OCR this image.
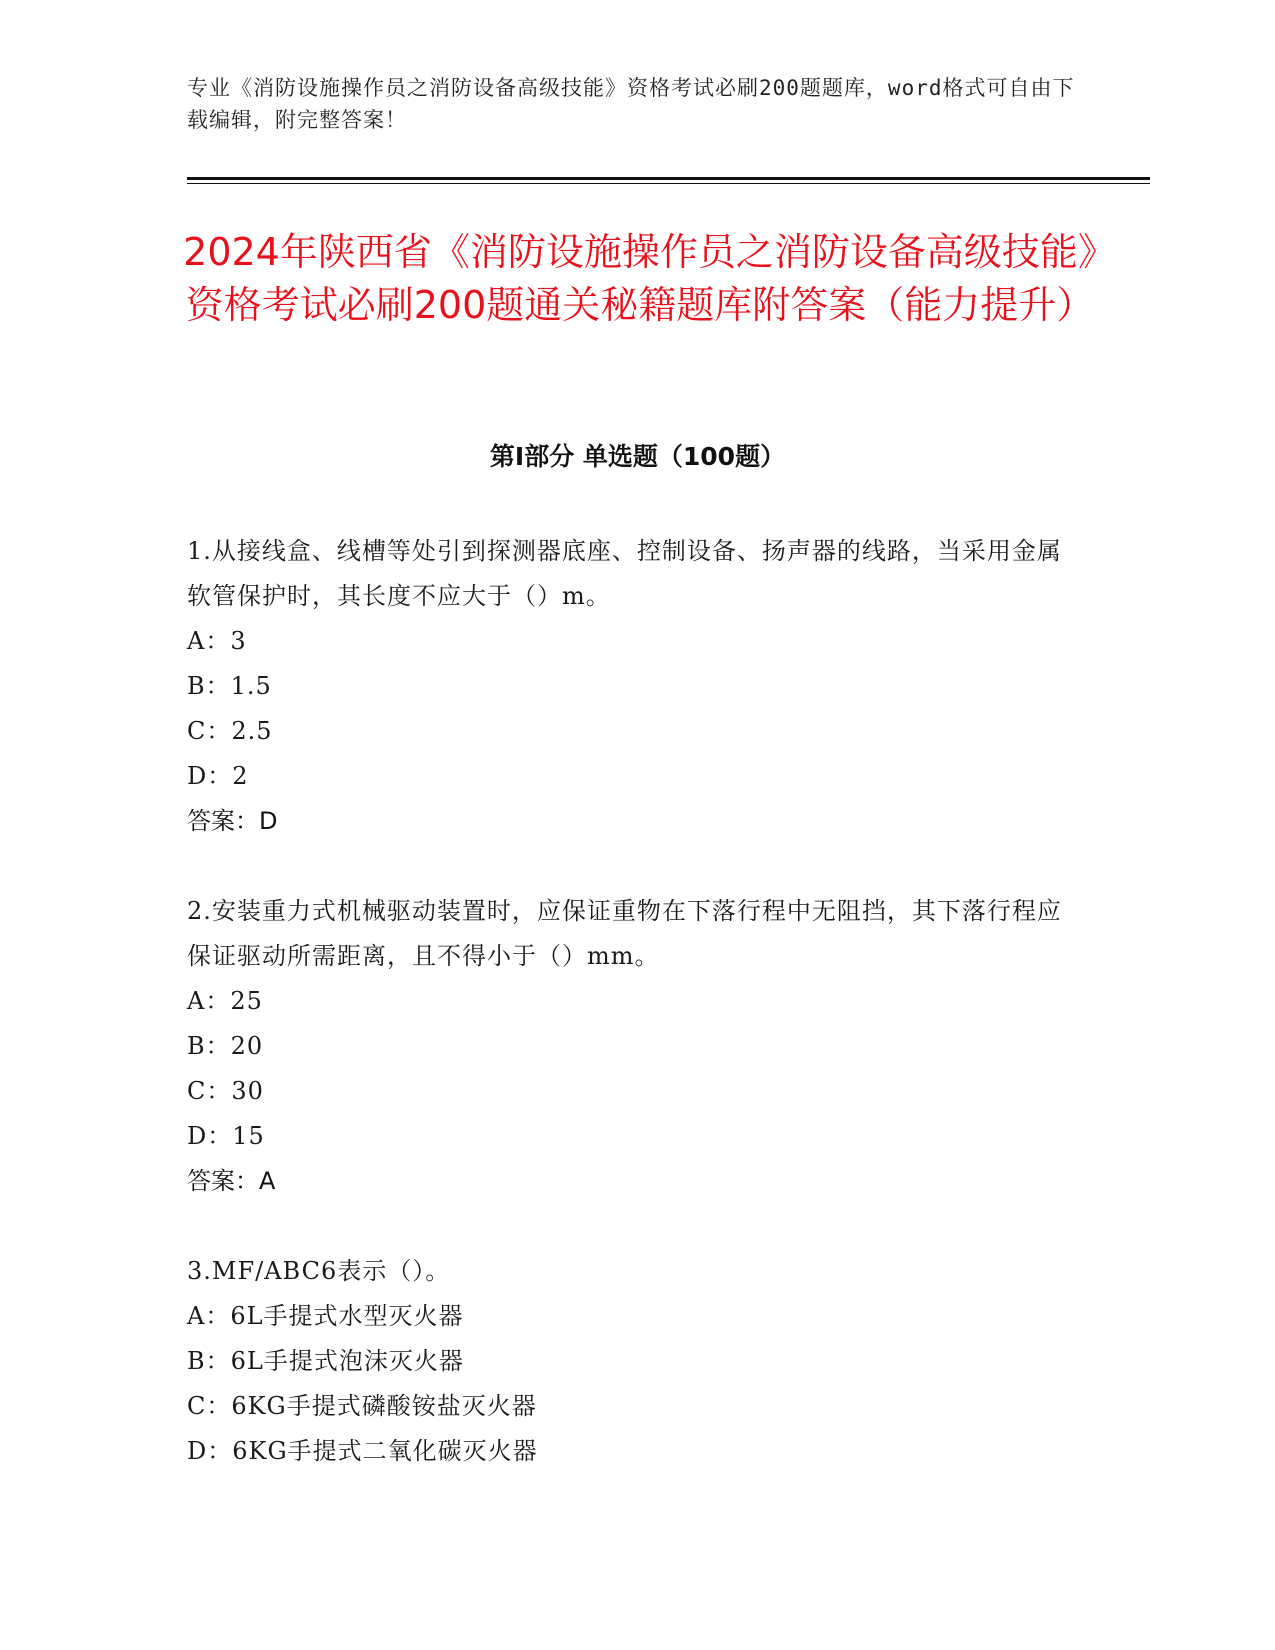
专业《消防设施操作员之消防设备高级技能》资格考试必刷200题题库，word格式可自由下载编辑，附完整答案！
2024年陕西省《消防设施操作员之消防设备高级技能》资格考试必刷200题通关秘籍题库附答案（能力提升）
第Ⅰ部分 单选题（100题）
1.从接线盒、线槽等处引到探测器底座、控制设备、扬声器的线路，当采用金属软管保护时，其长度不应大于（）m。
A：3
B：1.5
C：2.5
D：2
答案：D
2.安装重力式机械驱动装置时，应保证重物在下落行程中无阻挡，其下落行程应保证驱动所需距离，且不得小于（）mm。
A：25
B：20
C：30
D：15
答案：A
3.MF/ABC6表示（）。
A：6L手提式水型灭火器
B：6L手提式泡沫灭火器
C：6KG手提式磷酸铵盐灭火器
D：6KG手提式二氧化碳灭火器
